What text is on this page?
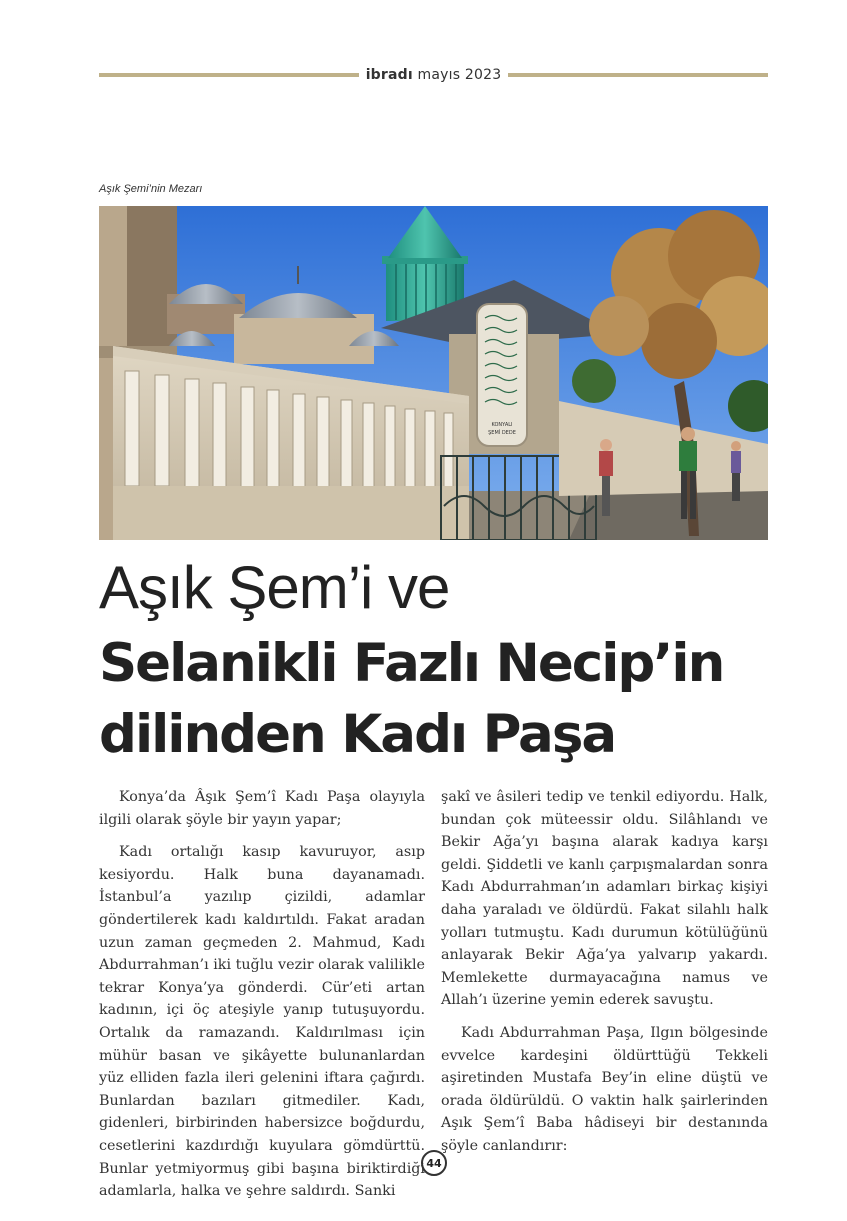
ibradı mayıs 2023
Aşık Şemi’nin Mezarı
KONYALI
ŞEMİ DEDE
Aşık Şem’i ve
Selanikli Fazlı Necip’in
dilinden Kadı Paşa

Konya’da Âşık Şem’î Kadı Paşa olayıyla ilgili olarak şöyle bir yayın yapar;

Kadı ortalığı kasıp kavuruyor, asıp kesiyordu. Halk buna dayanamadı. İstanbul’a yazılıp çizildi, adamlar göndertilerek kadı kaldırtıldı. Fakat aradan uzun zaman geçmeden 2. Mahmud, Kadı Abdurrahman’ı iki tuğlu vezir olarak valilikle tekrar Konya’ya gönderdi. Cür’eti artan kadının, içi öç ateşiyle yanıp tutuşuyordu. Ortalık da ramazandı. Kaldırılması için mühür basan ve şikâyette bulunanlardan yüz elliden fazla ileri gelenini iftara çağırdı. Bunlardan bazıları gitmediler. Kadı, gidenleri, birbirinden habersizce boğdurdu, cesetlerini kazdırdığı kuyulara gömdürttü. Bunlar yetmiyormuş gibi başına biriktirdiği adamlarla, halka ve şehre saldırdı. Sanki

şakî ve âsileri tedip ve tenkil ediyordu. Halk, bundan çok müteessir oldu. Silâhlandı ve Bekir Ağa’yı başına alarak kadıya karşı geldi. Şiddetli ve kanlı çarpışmalardan sonra Kadı Abdurrahman’ın adamları birkaç kişiyi daha yaraladı ve öldürdü. Fakat silahlı halk yolları tutmuştu. Kadı durumun kötülüğünü anlayarak Bekir Ağa’ya yalvarıp yakardı. Memlekette durmayacağına namus ve Allah’ı üzerine yemin ederek savuştu.

Kadı Abdurrahman Paşa, Ilgın bölgesinde evvelce kardeşini öldürttüğü Tekkeli aşiretinden Mustafa Bey’in eline düştü ve orada öldürüldü. O vaktin halk şairlerinden Aşık Şem’î Baba hâdiseyi bir destanında şöyle canlandırır:

44
